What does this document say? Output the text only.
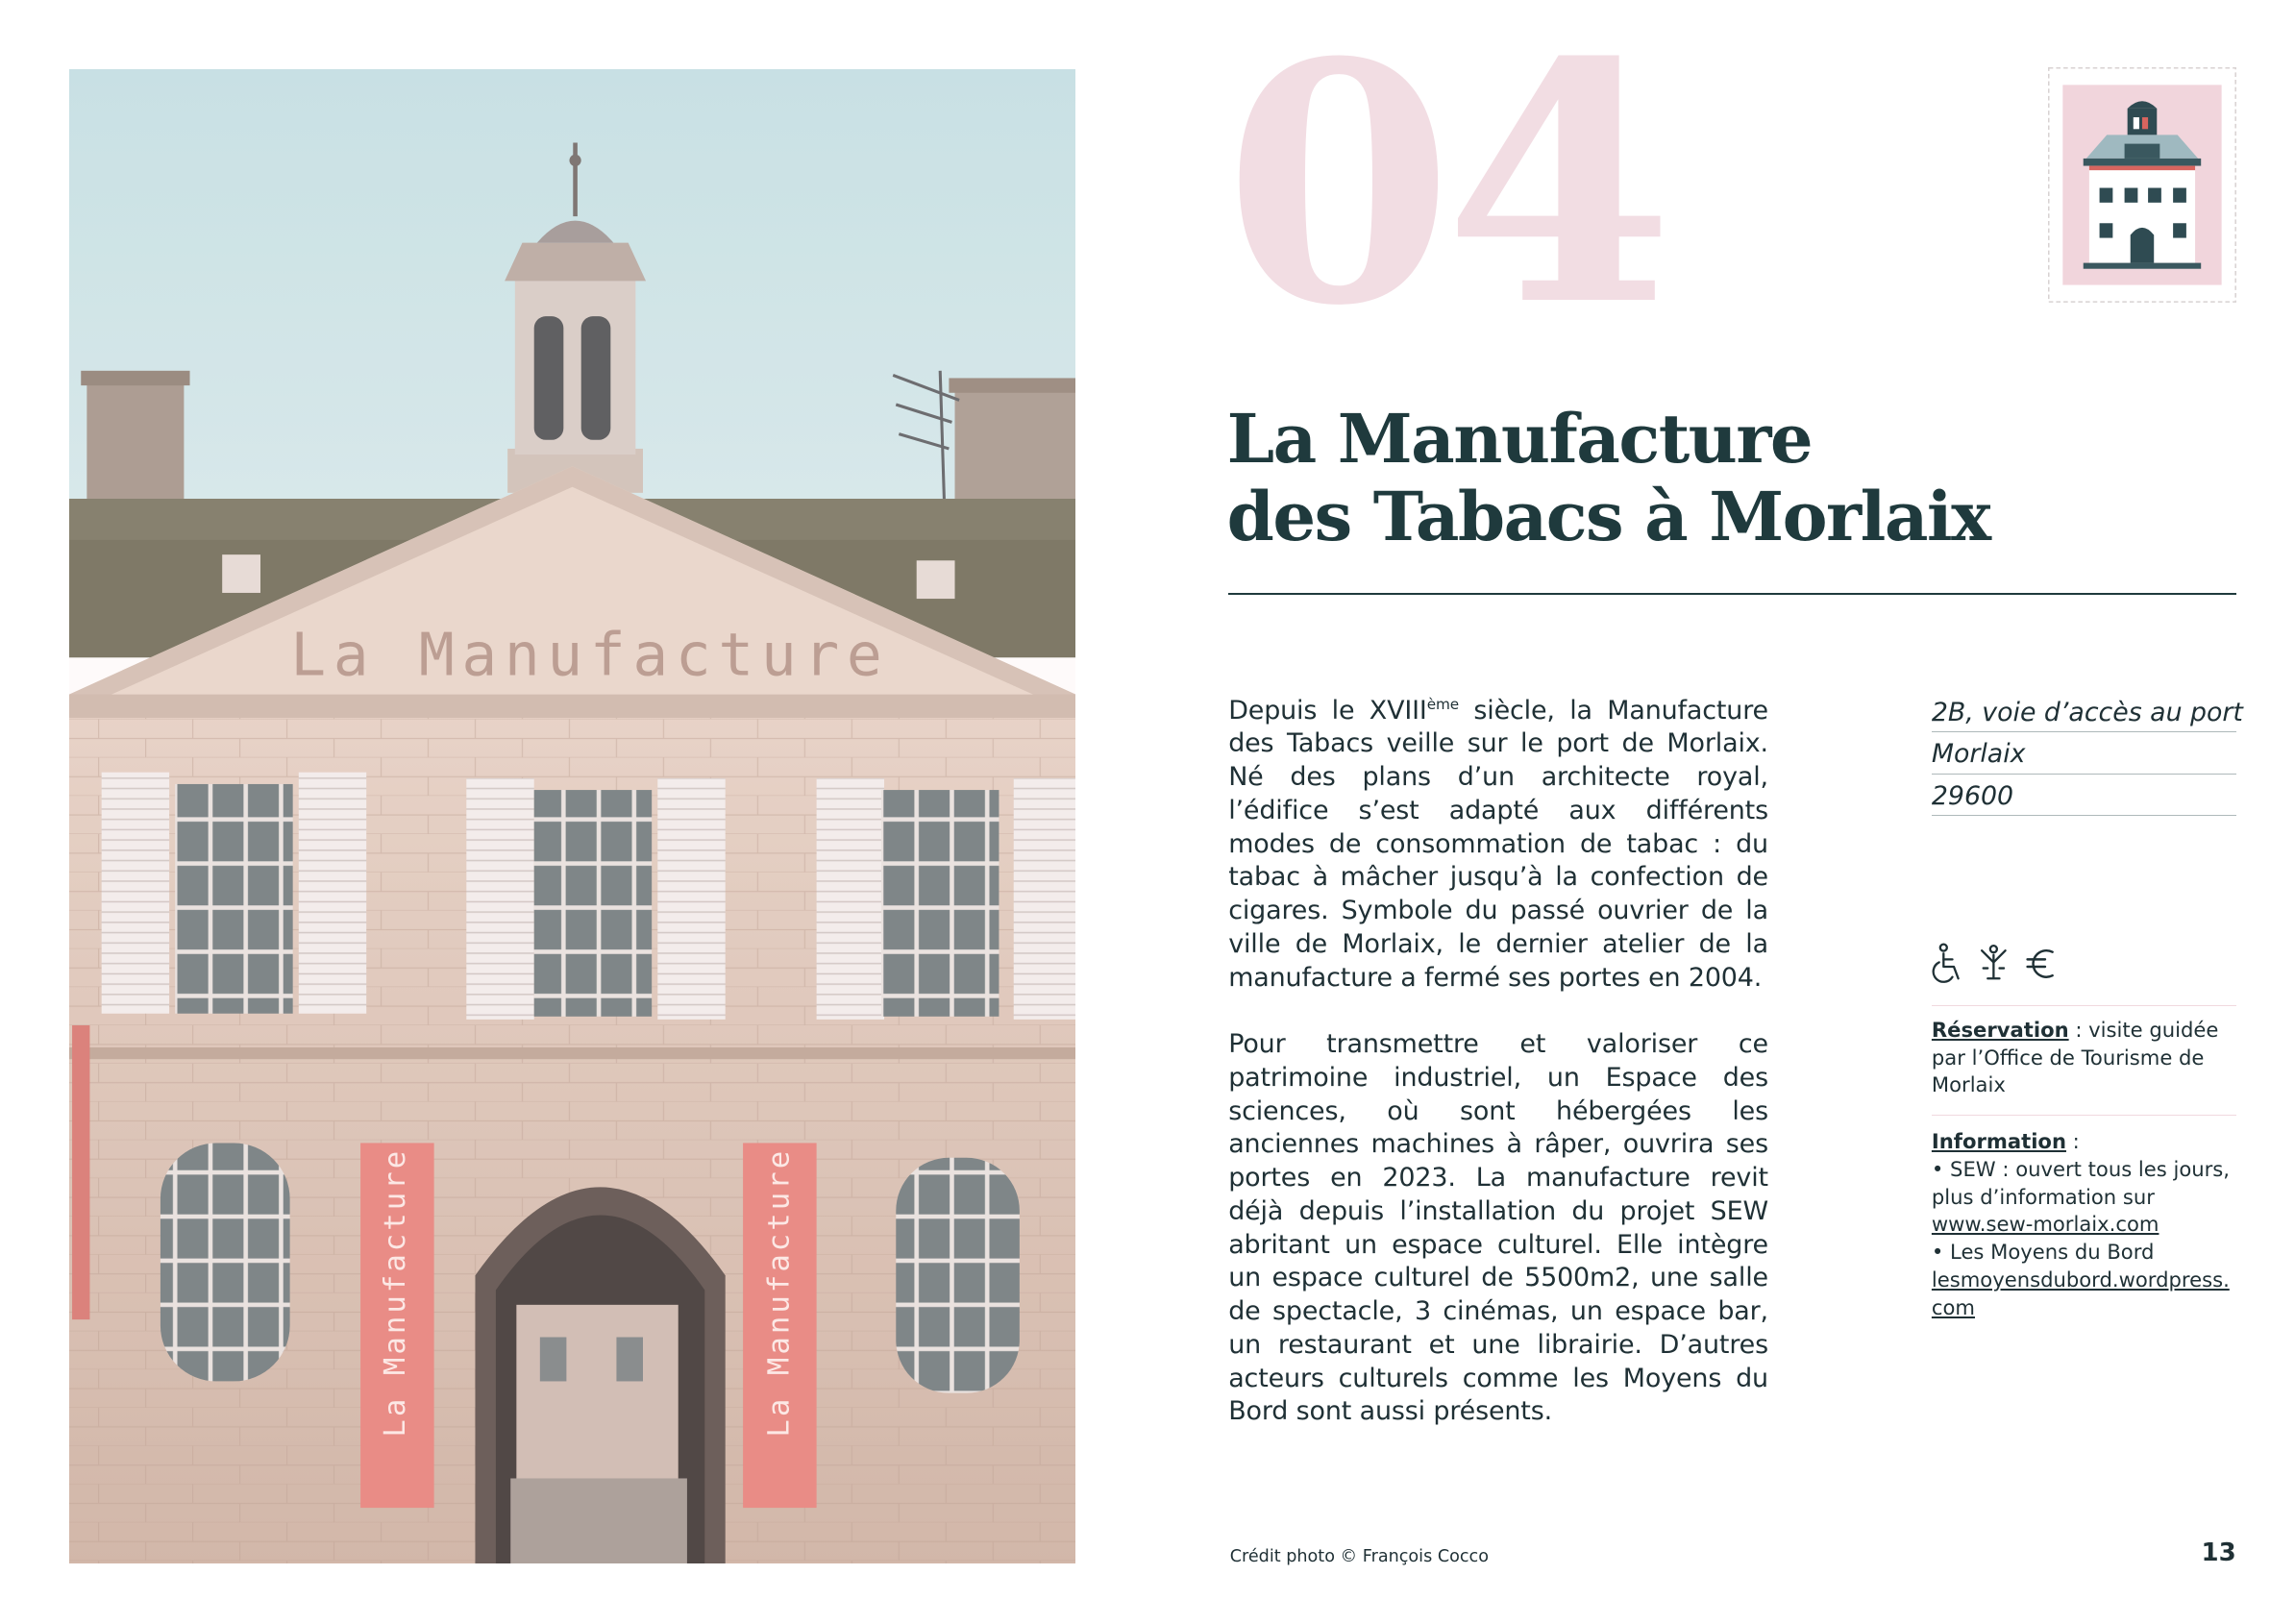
La Manufacture
La Manufacture	La Manufacture
04
La Manufacture
des Tabacs à Morlaix

Depuis le XVIIIème siècle, la Manufacture des Tabacs veille sur le port de Morlaix. Né des plans d’un architecte royal, l’édifice s’est adapté aux différents modes de consommation de tabac : du tabac à mâcher jusqu’à la confection de cigares. Symbole du passé ouvrier de la ville de Morlaix, le dernier atelier de la manufacture a fermé ses portes en 2004.

Pour transmettre et valoriser ce patrimoine industriel, un Espace des sciences, où sont hébergées les anciennes machines à râper, ouvrira ses portes en 2023. La manufacture revit déjà depuis l’installation du projet SEW abritant un espace culturel. Elle intègre un espace culturel de 5500m2, une salle de spectacle, 3 cinémas, un espace bar, un restaurant et une librairie. D’autres acteurs culturels comme les Moyens du Bord sont aussi présents.

2B, voie d’accès au port
Morlaix
29600

Réservation : visite guidée par l’Office de Tourisme de Morlaix

Information :
• SEW : ouvert tous les jours, plus d’information sur
www.sew-morlaix.com
• Les Moyens du Bord
lesmoyensdubord.wordpress.com

Crédit photo © François Cocco	13
